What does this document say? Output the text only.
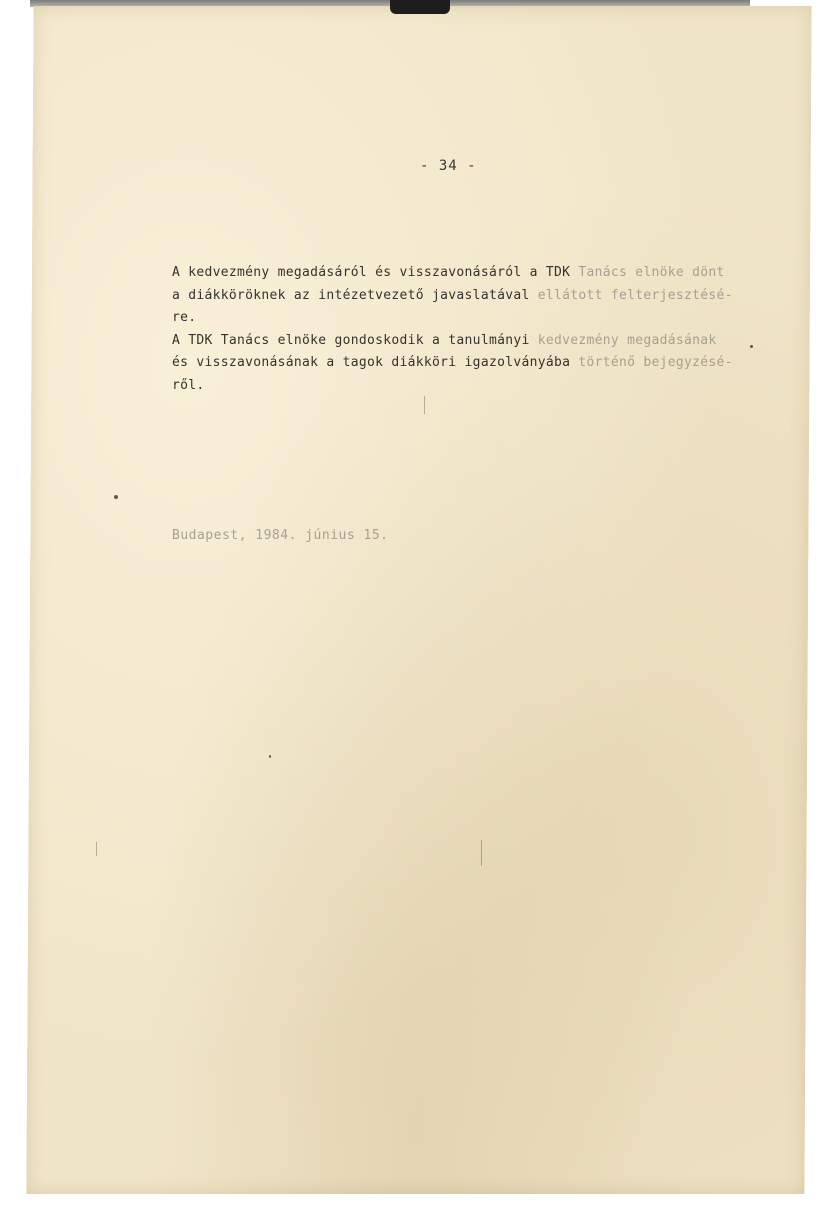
- 34 -
A kedvezmény megadásáról és visszavonásáról a TDK Tanács elnöke dönt
a diákköröknek az intézetvezető javaslatával ellátott felterjesztésé-
re.
A TDK Tanács elnöke gondoskodik a tanulmányi kedvezmény megadásának
és visszavonásának a tagok diákköri igazolványába történő bejegyzésé-
ről.
Budapest, 1984. június 15.
